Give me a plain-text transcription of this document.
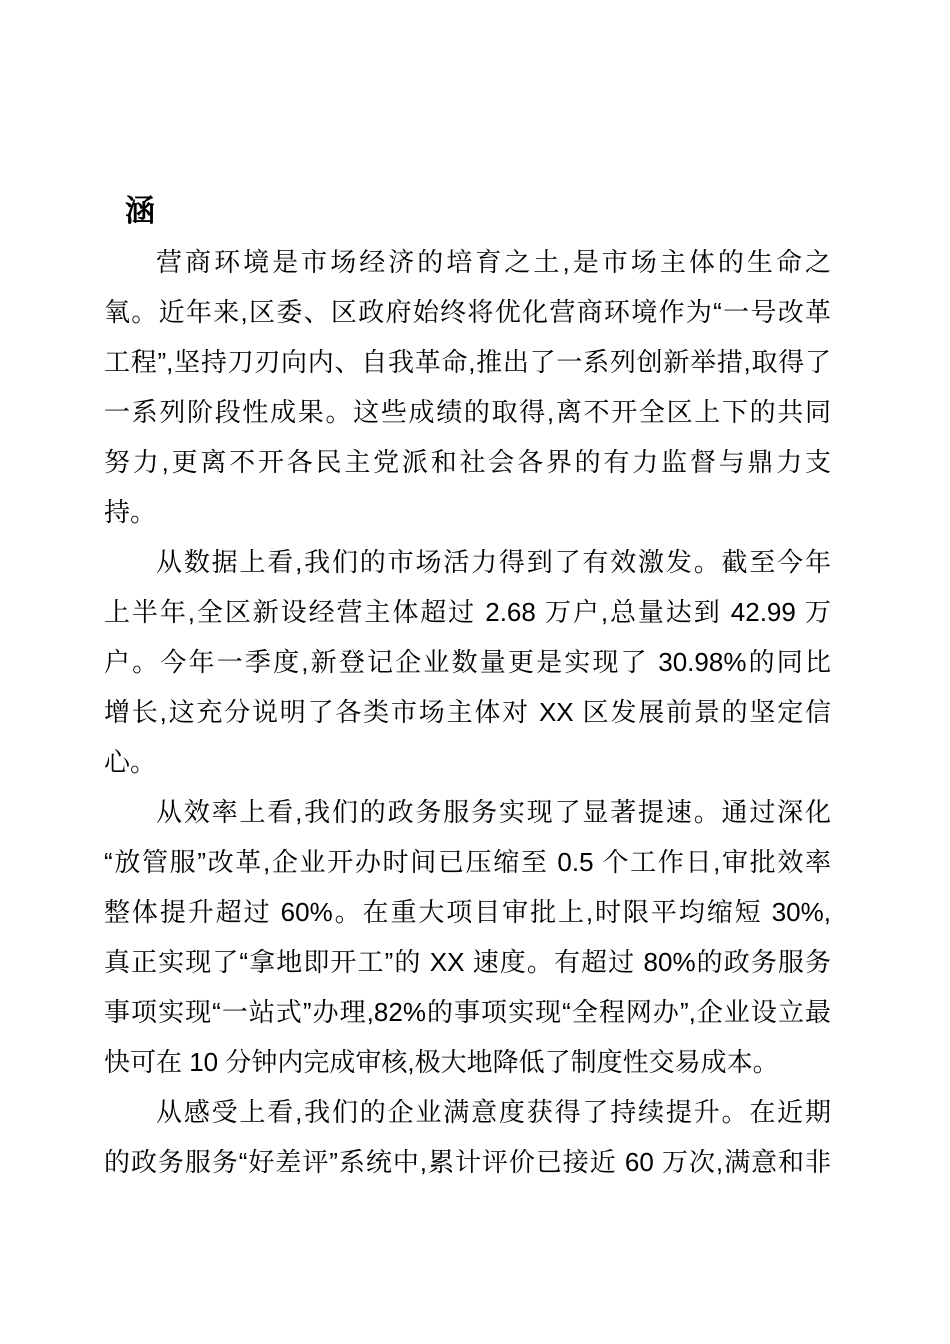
涵
营商环境是市场经济的培育之土,是市场主体的生命之
氧。近年来,区委、区政府始终将优化营商环境作为“一号改革
工程”,坚持刀刃向内、自我革命,推出了一系列创新举措,取得了
一系列阶段性成果。这些成绩的取得,离不开全区上下的共同
努力,更离不开各民主党派和社会各界的有力监督与鼎力支
持。
从数据上看,我们的市场活力得到了有效激发。截至今年
上半年,全区新设经营主体超过 2.68 万户,总量达到 42.99 万
户。今年一季度,新登记企业数量更是实现了 30.98%的同比
增长,这充分说明了各类市场主体对 XX 区发展前景的坚定信
心。
从效率上看,我们的政务服务实现了显著提速。通过深化
“放管服”改革,企业开办时间已压缩至 0.5 个工作日,审批效率
整体提升超过 60%。在重大项目审批上,时限平均缩短 30%,
真正实现了“拿地即开工”的 XX 速度。有超过 80%的政务服务
事项实现“一站式”办理,82%的事项实现“全程网办”,企业设立最
快可在 10 分钟内完成审核,极大地降低了制度性交易成本。
从感受上看,我们的企业满意度获得了持续提升。在近期
的政务服务“好差评”系统中,累计评价已接近 60 万次,满意和非
